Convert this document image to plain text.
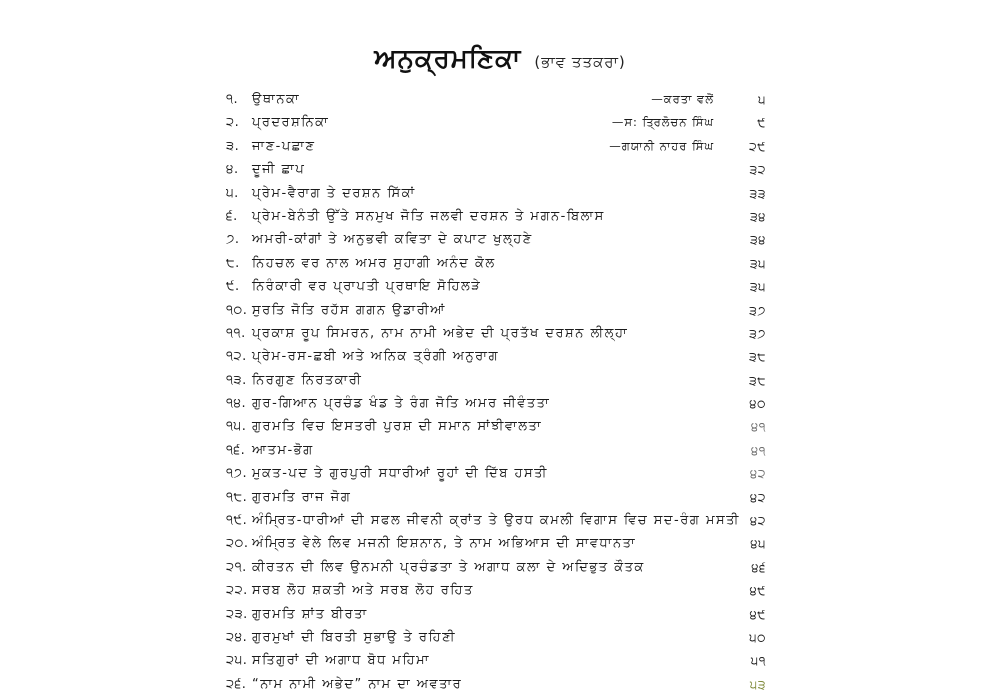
ਅਨੁਕ੍ਰਮਣਿਕਾ (ਭਾਵ ਤਤਕਰਾ)
੧. ਉਥਾਨਕਾ	—ਕਰਤਾ ਵਲੋਂ	੫
੨. ਪ੍ਰਦਰਸ਼ਨਿਕਾ	—ਸ: ਤ੍ਰਿਲੋਚਨ ਸਿੰਘ	੯
੩. ਜਾਣ-ਪਛਾਣ	—ਗਯਾਨੀ ਨਾਹਰ ਸਿੰਘ	੨੯
੪. ਦੂਜੀ ਛਾਪ	੩੨
੫. ਪ੍ਰੇਮ-ਵੈਰਾਗ ਤੇ ਦਰਸ਼ਨ ਸਿੱਕਾਂ	੩੩
੬. ਪ੍ਰੇਮ-ਬੇਨੰਤੀ ਉੱਤੇ ਸਨਮੁਖ ਜੋਤਿ ਜਲਵੀ ਦਰਸ਼ਨ ਤੇ ਮਗਨ-ਬਿਲਾਸ	੩੪
੭. ਅਮਰੀ-ਕਾਂਗਾਂ ਤੇ ਅਨੁਭਵੀ ਕਵਿਤਾ ਦੇ ਕਪਾਟ ਖੁਲ੍ਹਣੇ	੩੪
੮. ਨਿਹਚਲ ਵਰ ਨਾਲ ਅਮਰ ਸੁਹਾਗੀ ਅਨੰਦ ਕੋਲ	੩੫
੯. ਨਿਰੰਕਾਰੀ ਵਰ ਪ੍ਰਾਪਤੀ ਪ੍ਰਥਾਇ ਸੋਹਿਲੜੇ	੩੫
੧੦. ਸੁਰਤਿ ਜੋਤਿ ਰਹੱਸ ਗਗਨ ਉਡਾਰੀਆਂ	੩੭
੧੧. ਪ੍ਰਕਾਸ਼ ਰੂਪ ਸਿਮਰਨ, ਨਾਮ ਨਾਮੀ ਅਭੇਦ ਦੀ ਪ੍ਰਤੱਖ ਦਰਸ਼ਨ ਲੀਲ੍ਹਾ	੩੭
੧੨. ਪ੍ਰੇਮ-ਰਸ-ਛਬੀ ਅਤੇ ਅਨਿਕ ਤ੍ਰੰਗੀ ਅਨੁਰਾਗ	੩੮
੧੩. ਨਿਰਗੁਣ ਨਿਰਤਕਾਰੀ	੩੮
੧੪. ਗੁਰ-ਗਿਆਨ ਪ੍ਰਚੰਡ ਖੰਡ ਤੇ ਰੰਗ ਜੋਤਿ ਅਮਰ ਜੀਵੰਤਤਾ	੪੦
੧੫. ਗੁਰਮਤਿ ਵਿਚ ਇਸਤਰੀ ਪੁਰਸ਼ ਦੀ ਸਮਾਨ ਸਾਂਝੀਵਾਲਤਾ	੪੧
੧੬. ਆਤਮ-ਭੋਗ	੪੧
੧੭. ਮੁਕਤ-ਪਦ ਤੇ ਗੁਰਪੁਰੀ ਸਧਾਰੀਆਂ ਰੂਹਾਂ ਦੀ ਦਿੱਬ ਹਸਤੀ	੪੨
੧੮. ਗੁਰਮਤਿ ਰਾਜ ਜੋਗ	੪੨
੧੯. ਅੰਮ੍ਰਿਤ-ਧਾਰੀਆਂ ਦੀ ਸਫਲ ਜੀਵਨੀ ਕ੍ਰਾਂਤ ਤੇ ਉਰਧ ਕਮਲੀ ਵਿਗਾਸ ਵਿਚ ਸਦ-ਰੰਗ ਮਸਤੀ ੪੨
੨੦. ਅੰਮ੍ਰਿਤ ਵੇਲੇ ਲਿਵ ਮਜਨੀ ਇਸ਼ਨਾਨ, ਤੇ ਨਾਮ ਅਭਿਆਸ ਦੀ ਸਾਵਧਾਨਤਾ	੪੫
੨੧. ਕੀਰਤਨ ਦੀ ਲਿਵ ਉਨਮਨੀ ਪ੍ਰਚੰਡਤਾ ਤੇ ਅਗਾਧ ਕਲਾ ਦੇ ਅਦਿਭੁਤ ਕੌਤਕ	੪੬
੨੨. ਸਰਬ ਲੋਹ ਸ਼ਕਤੀ ਅਤੇ ਸਰਬ ਲੋਹ ਰਹਿਤ	੪੯
੨੩. ਗੁਰਮਤਿ ਸ਼ਾਂਤ ਬੀਰਤਾ	੪੯
੨੪. ਗੁਰਮੁਖਾਂ ਦੀ ਬਿਰਤੀ ਸੁਭਾਉ ਤੇ ਰਹਿਣੀ	੫੦
੨੫. ਸਤਿਗੁਰਾਂ ਦੀ ਅਗਾਧ ਬੋਧ ਮਹਿਮਾ	੫੧
੨੬. “ਨਾਮ ਨਾਮੀ ਅਭੇਦ” ਨਾਮ ਦਾ ਅਵਤਾਰ	੫੩
